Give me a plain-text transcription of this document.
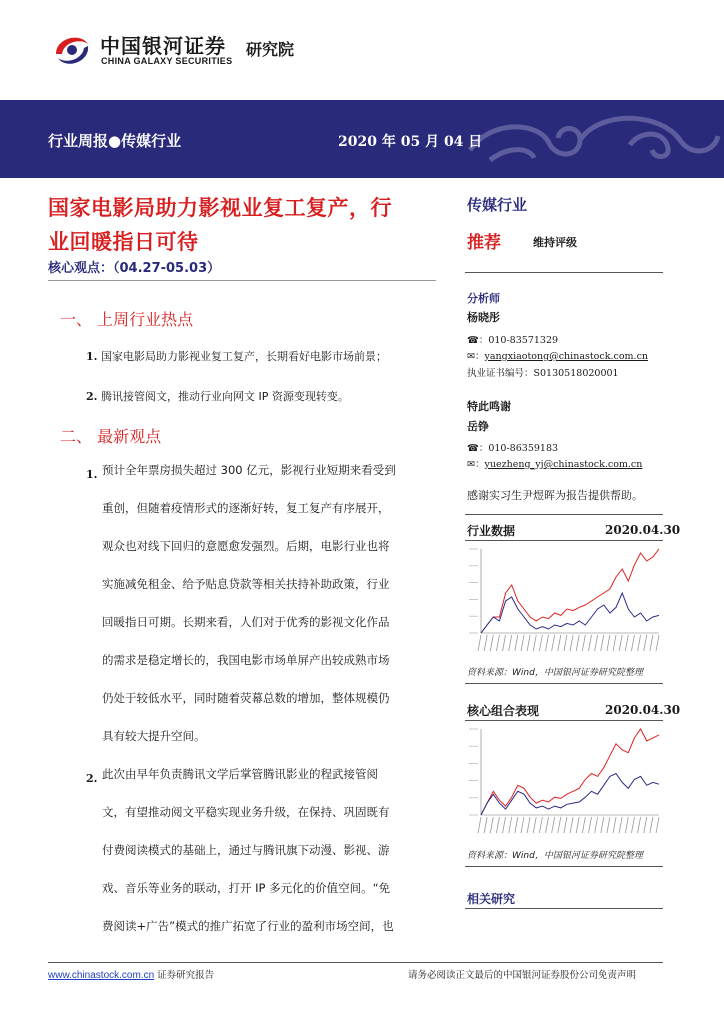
中国银河证券
CHINA GALAXY SECURITIES
研究院
行业周报●传媒行业	2020 年 05 月 04 日
国家电影局助力影视业复工复产，行
业回暖指日可待
核心观点：（04.27-05.03）
一、 上周行业热点
1. 国家电影局助力影视业复工复产，长期看好电影市场前景；
2. 腾讯接管阅文，推动行业向网文 IP 资源变现转变。
二、 最新观点
1. 预计全年票房损失超过 300 亿元，影视行业短期来看受到
重创，但随着疫情形式的逐渐好转，复工复产有序展开，
观众也对线下回归的意愿愈发强烈。后期，电影行业也将
实施减免租金、给予贴息贷款等相关扶持补助政策，行业
回暖指日可期。长期来看，人们对于优秀的影视文化作品
的需求是稳定增长的，我国电影市场单屏产出较成熟市场
仍处于较低水平，同时随着荧幕总数的增加，整体规模仍
具有较大提升空间。
2. 此次由早年负责腾讯文学后掌管腾讯影业的程武接管阅
文，有望推动阅文平稳实现业务升级，在保持、巩固既有
付费阅读模式的基础上，通过与腾讯旗下动漫、影视、游
戏、音乐等业务的联动，打开 IP 多元化的价值空间。“免
费阅读+广告”模式的推广拓宽了行业的盈利市场空间，也
传媒行业
推荐	维持评级
分析师
杨晓彤
☎：010-83571329
✉：yangxiaotong@chinastock.com.cn
执业证书编号：S0130518020001
特此鸣谢
岳铮
☎：010-86359183
✉：yuezheng_yj@chinastock.com.cn
感谢实习生尹煜晖为报告提供帮助。
行业数据	2020.04.30
资料来源：Wind，中国银河证券研究院整理
核心组合表现	2020.04.30
资料来源：Wind，中国银河证券研究院整理
相关研究
www.chinastock.com.cn 证券研究报告	请务必阅读正文最后的中国银河证券股份公司免责声明
